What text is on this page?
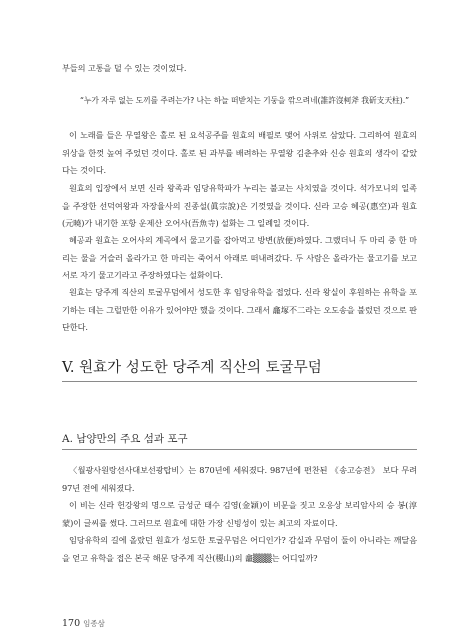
부들의 고통을 덜 수 있는 것이었다.

“누가 자루 없는 도끼를 주려는가? 나는 하늘 떠받치는 기둥을 깎으려네(誰許沒柯斧 我斫支天柱).”

이 노래를 들은 무열왕은 홀로 된 요석공주를 원효의 배필로 맺어 사위로 삼았다. 그리하여 원효의 위상을 한껏 높여 주었던 것이다. 홀로 된 과부를 배려하는 무열왕 김춘추와 신승 원효의 생각이 같았다는 것이다.

원효의 입장에서 보면 신라 왕족과 임당유학파가 누리는 불교는 사치였을 것이다. 석가모니의 일족을 주장한 선덕여왕과 자장율사의 진종설(眞宗說)은 기껏였을 것이다. 신라 고승 혜공(惠空)과 원효(元曉)가 내기한 포항 운제산 오어사(吾魚寺) 설화는 그 일례일 것이다.

혜공과 원효는 오어사의 계곡에서 물고기를 잡아먹고 방변(放便)하였다. 그랬더니 두 마리 중 한 마리는 물을 거슬러 올라가고 한 마리는 죽어서 아래로 떠내려갔다. 두 사람은 올라가는 물고기를 보고 서로 자기 물고기라고 주장하였다는 설화이다.

원효는 당주계 직산의 토굴무덤에서 성도한 후 임당유학을 접었다. 신라 왕실이 후원하는 유학을 포기하는 데는 그럴만한 이유가 있어야만 했을 것이다. 그래서 龕塚不二라는 오도송을 불렀던 것으로 판단한다.

V. 원효가 성도한 당주계 직산의 토굴무덤
A. 남양만의 주요 섬과 포구

〈월광사원랑선사대보선광탑비〉는 870년에 세워졌다. 987년에 편찬된 《송고승전》 보다 무려 97년 전에 세워졌다.

이 비는 신라 헌강왕의 명으로 금성군 태수 김영(金穎)이 비문을 짓고 오응상 보리암사의 승 봉(淳蒙)이 글씨를 썼다. 그러므로 원효에 대한 가장 신빙성이 있는 최고의 자료이다.

임당유학의 길에 올랐던 원효가 성도한 토굴무덤은 어디인가? 감실과 무덤이 둘이 아니라는 깨달음을 얻고 유학을 접은 본국 해문 당주계 직산(稷山)의 龕▒▒▒는 어디일까?

170 임종삼
